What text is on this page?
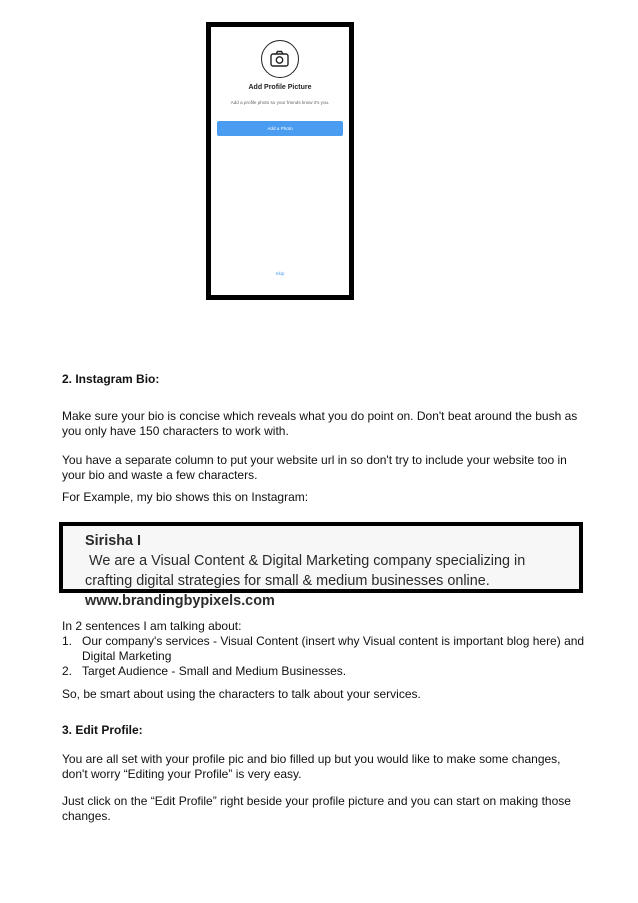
Add Profile Picture
Add a profile photo so your friends know it's you.
Add a Photo
Skip

2. Instagram Bio:

Make sure your bio is concise which reveals what you do point on. Don't beat around the bush as

you only have 150 characters to work with.

You have a separate column to put your website url in so don't try to include your website too in

your bio and waste a few characters.

For Example, my bio shows this on Instagram:

Sirisha I We are a Visual Content & Digital Marketing company specializing in
crafting digital strategies for small & medium businesses online.
www.brandingbypixels.com

In 2 sentences I am talking about:

1. Our company's services - Visual Content (insert why Visual content is important blog here) and
Digital Marketing
2. Target Audience - Small and Medium Businesses.

So, be smart about using the characters to talk about your services.

3. Edit Profile:

You are all set with your profile pic and bio filled up but you would like to make some changes,

don't worry “Editing your Profile” is very easy.

Just click on the “Edit Profile” right beside your profile picture and you can start on making those

changes.
